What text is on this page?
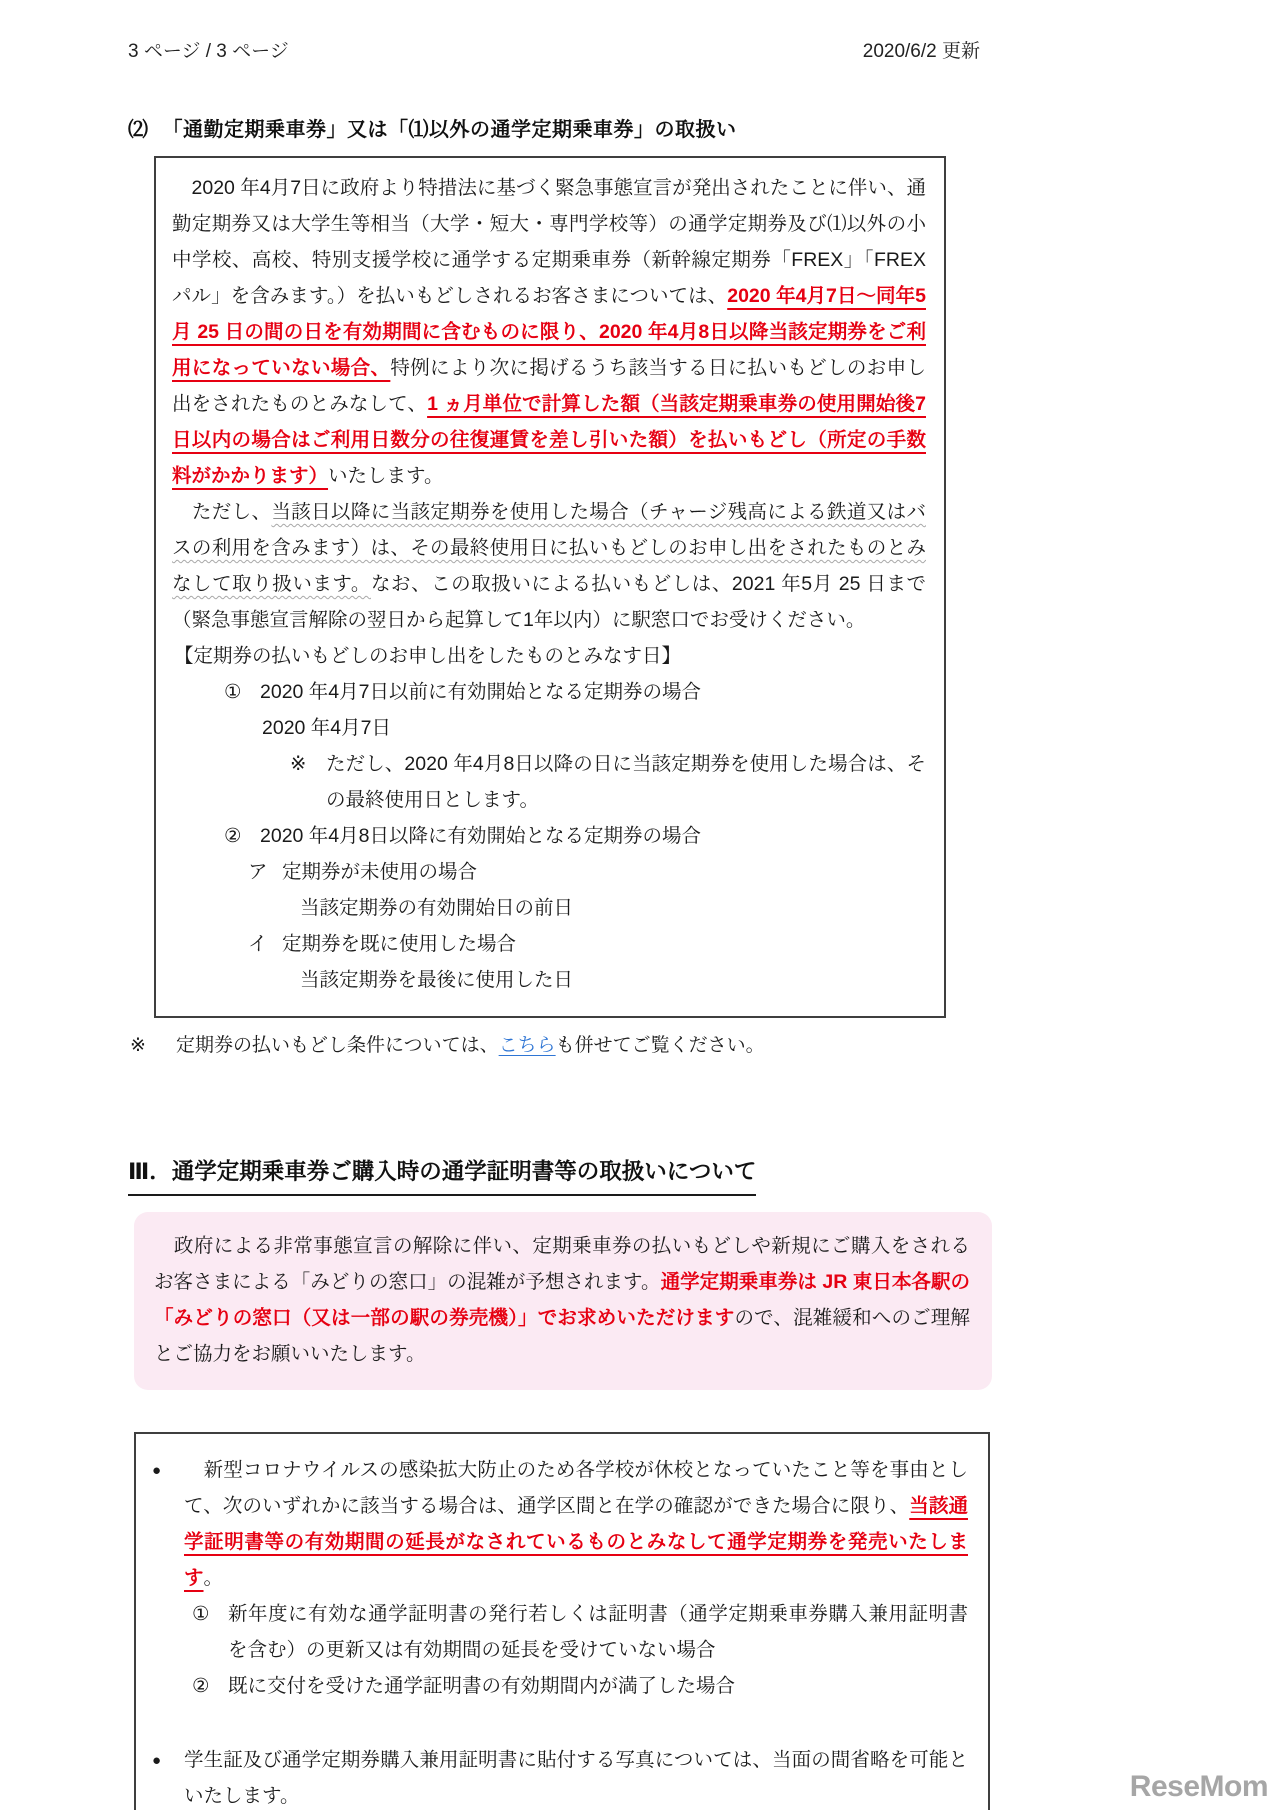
3 ページ / 3 ページ	2020/6/2 更新
⑵ 「通勤定期乗車券」又は「⑴以外の通学定期乗車券」の取扱い

　2020 年4月7日に政府より特措法に基づく緊急事態宣言が発出されたことに伴い、通勤定期券又は大学生等相当（大学・短大・専門学校等）の通学定期券及び⑴以外の小中学校、高校、特別支援学校に通学する定期乗車券（新幹線定期券「FREX」「FREX パル」を含みます。）を払いもどしされるお客さまについては、2020 年4月7日～同年5月 25 日の間の日を有効期間に含むものに限り、2020 年4月8日以降当該定期券をご利用になっていない場合、特例により次に掲げるうち該当する日に払いもどしのお申し出をされたものとみなして、1 ヵ月単位で計算した額（当該定期乗車券の使用開始後7日以内の場合はご利用日数分の往復運賃を差し引いた額）を払いもどし（所定の手数料がかかります）いたします。

　ただし、当該日以降に当該定期券を使用した場合（チャージ残高による鉄道又はバスの利用を含みます）は、その最終使用日に払いもどしのお申し出をされたものとみなして取り扱います。なお、この取扱いによる払いもどしは、2021 年5月 25 日まで（緊急事態宣言解除の翌日から起算して1年以内）に駅窓口でお受けください。

【定期券の払いもどしのお申し出をしたものとみなす日】

① 2020 年4月7日以前に有効開始となる定期券の場合
2020 年4月7日
※	ただし、2020 年4月8日以降の日に当該定期券を使用した場合は、その最終使用日とします。
② 2020 年4月8日以降に有効開始となる定期券の場合
ア 定期券が未使用の場合
当該定期券の有効開始日の前日
イ 定期券を既に使用した場合
当該定期券を最後に使用した日

※	定期券の払いもどし条件については、こちらも併せてご覧ください。

Ⅲ．通学定期乗車券ご購入時の通学証明書等の取扱いについて
　政府による非常事態宣言の解除に伴い、定期乗車券の払いもどしや新規にご購入をされるお客さまによる「みどりの窓口」の混雑が予想されます。通学定期乗車券は JR 東日本各駅の「みどりの窓口（又は一部の駅の券売機）」でお求めいただけますので、混雑緩和へのご理解とご協力をお願いいたします。
●	　新型コロナウイルスの感染拡大防止のため各学校が休校となっていたこと等を事由として、次のいずれかに該当する場合は、通学区間と在学の確認ができた場合に限り、当該通学証明書等の有効期間の延長がなされているものとみなして通学定期券を発売いたします。
① 新年度に有効な通学証明書の発行若しくは証明書（通学定期乗車券購入兼用証明書を含む）の更新又は有効期間の延長を受けていない場合
② 既に交付を受けた通学証明書の有効期間内が満了した場合
●	学生証及び通学定期券購入兼用証明書に貼付する写真については、当面の間省略を可能といたします。	ReseMom
